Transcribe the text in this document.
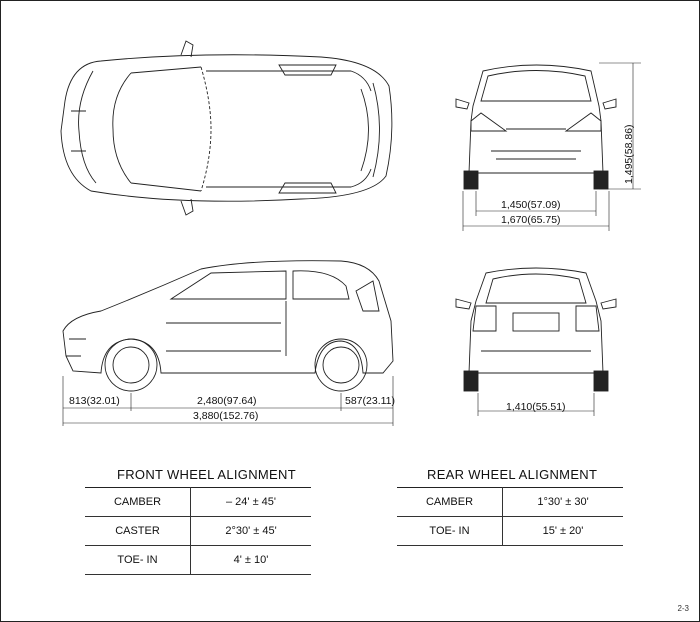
1,495(58.86)
1,450(57.09)
1,670(65.75)
813(32.01)	2,480(97.64)	587(23.11)
3,880(152.76)
1,410(55.51)
FRONT WHEEL ALIGNMENT
CAMBER	– 24' ± 45'
CASTER	2°30' ± 45'
TOE- IN	4' ± 10'
REAR WHEEL ALIGNMENT
CAMBER	1°30' ± 30'
TOE- IN	15' ± 20'
2-3
